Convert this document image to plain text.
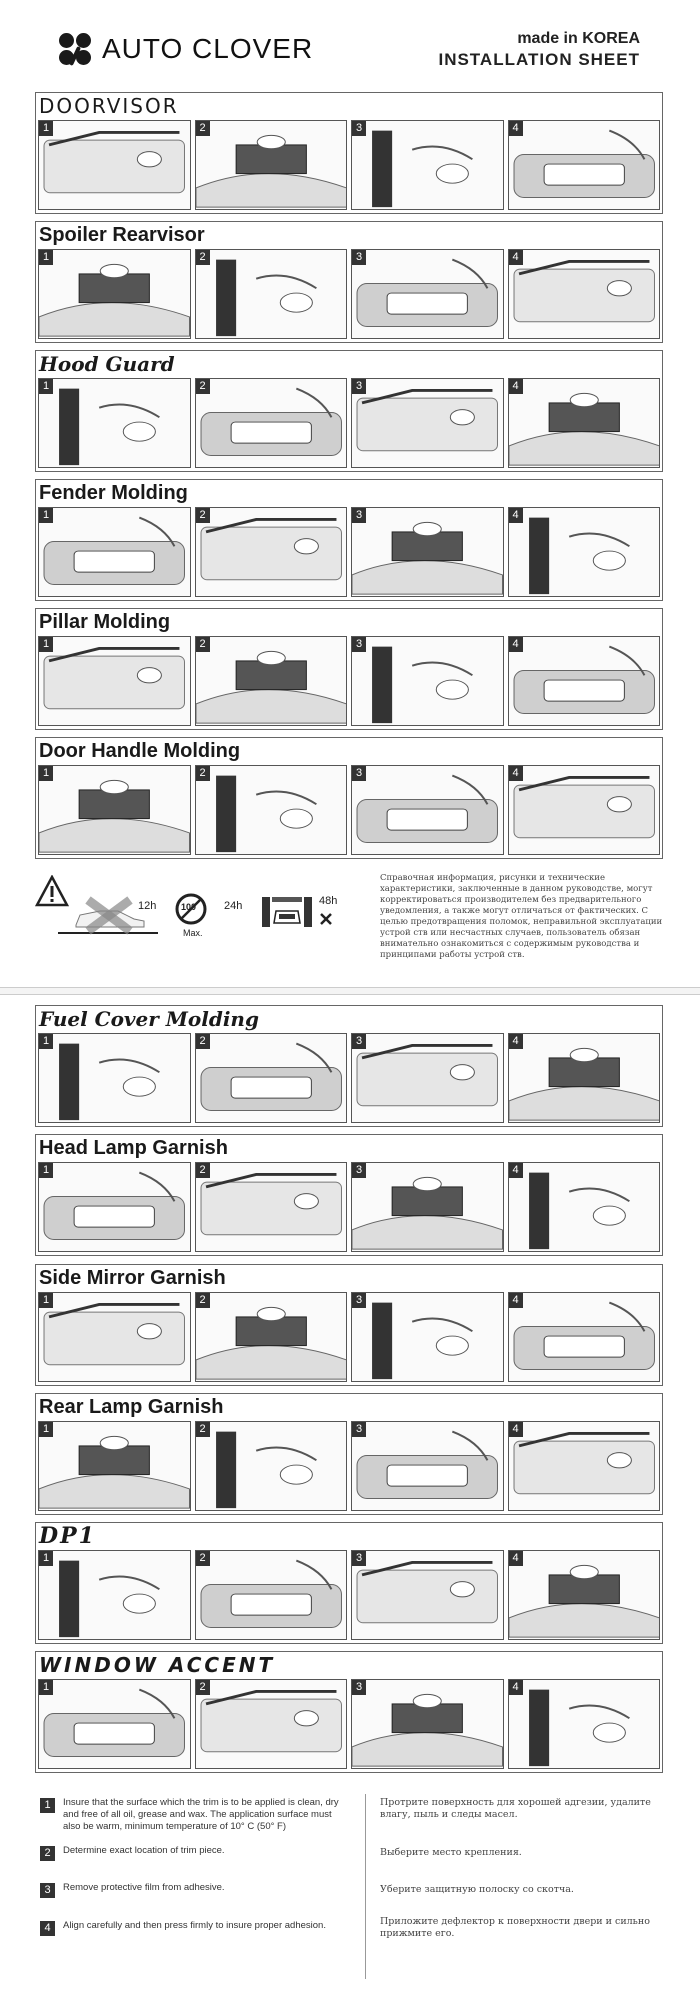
AUTO CLOVER	made in KOREA
INSTALLATION SHEET
DOORVISOR
1	2	3	4
Spoiler Rearvisor
1	2	3	4
Hood Guard
1	2	3	4
Fender Molding
1	2	3	4
Pillar Molding
1	2	3	4
Door Handle Molding
1	2	3	4
12h	100
Max.
24h	48h
Справочная информация, рисунки и технические характеристики, заключенные в данном руководстве, могут корректироваться производителем без предварительного уведомления, а также могут отличаться от фактических. С целью предотвращения поломок, неправильной эксплуатации устрой ств или несчастных случаев, пользователь обязан внимательно ознакомиться с содержимым руководства и принципами работы устрой ств.
Fuel Cover Molding
1	2	3	4
Head Lamp Garnish
1	2	3	4
Side Mirror Garnish
1	2	3	4
Rear Lamp Garnish
1	2	3	4
DP1
1	2	3	4
WINDOW ACCENT
1	2	3	4
1	Insure that the surface which the trim is to be applied is clean, dry and free of all oil, grease and wax. The application surface must also be warm, minimum temperature of 10° C (50° F)
2	Determine exact location of trim piece.
3	Remove protective film from adhesive.
4	Align carefully and then press firmly to insure proper adhesion.
Протрите поверхность для хорошей адгезии, удалите влагу, пыль и следы масел.
Выберите место крепления.
Уберите защитную полоску со скотча.
Приложите дефлектор к поверхности двери и сильно прижмите его.
